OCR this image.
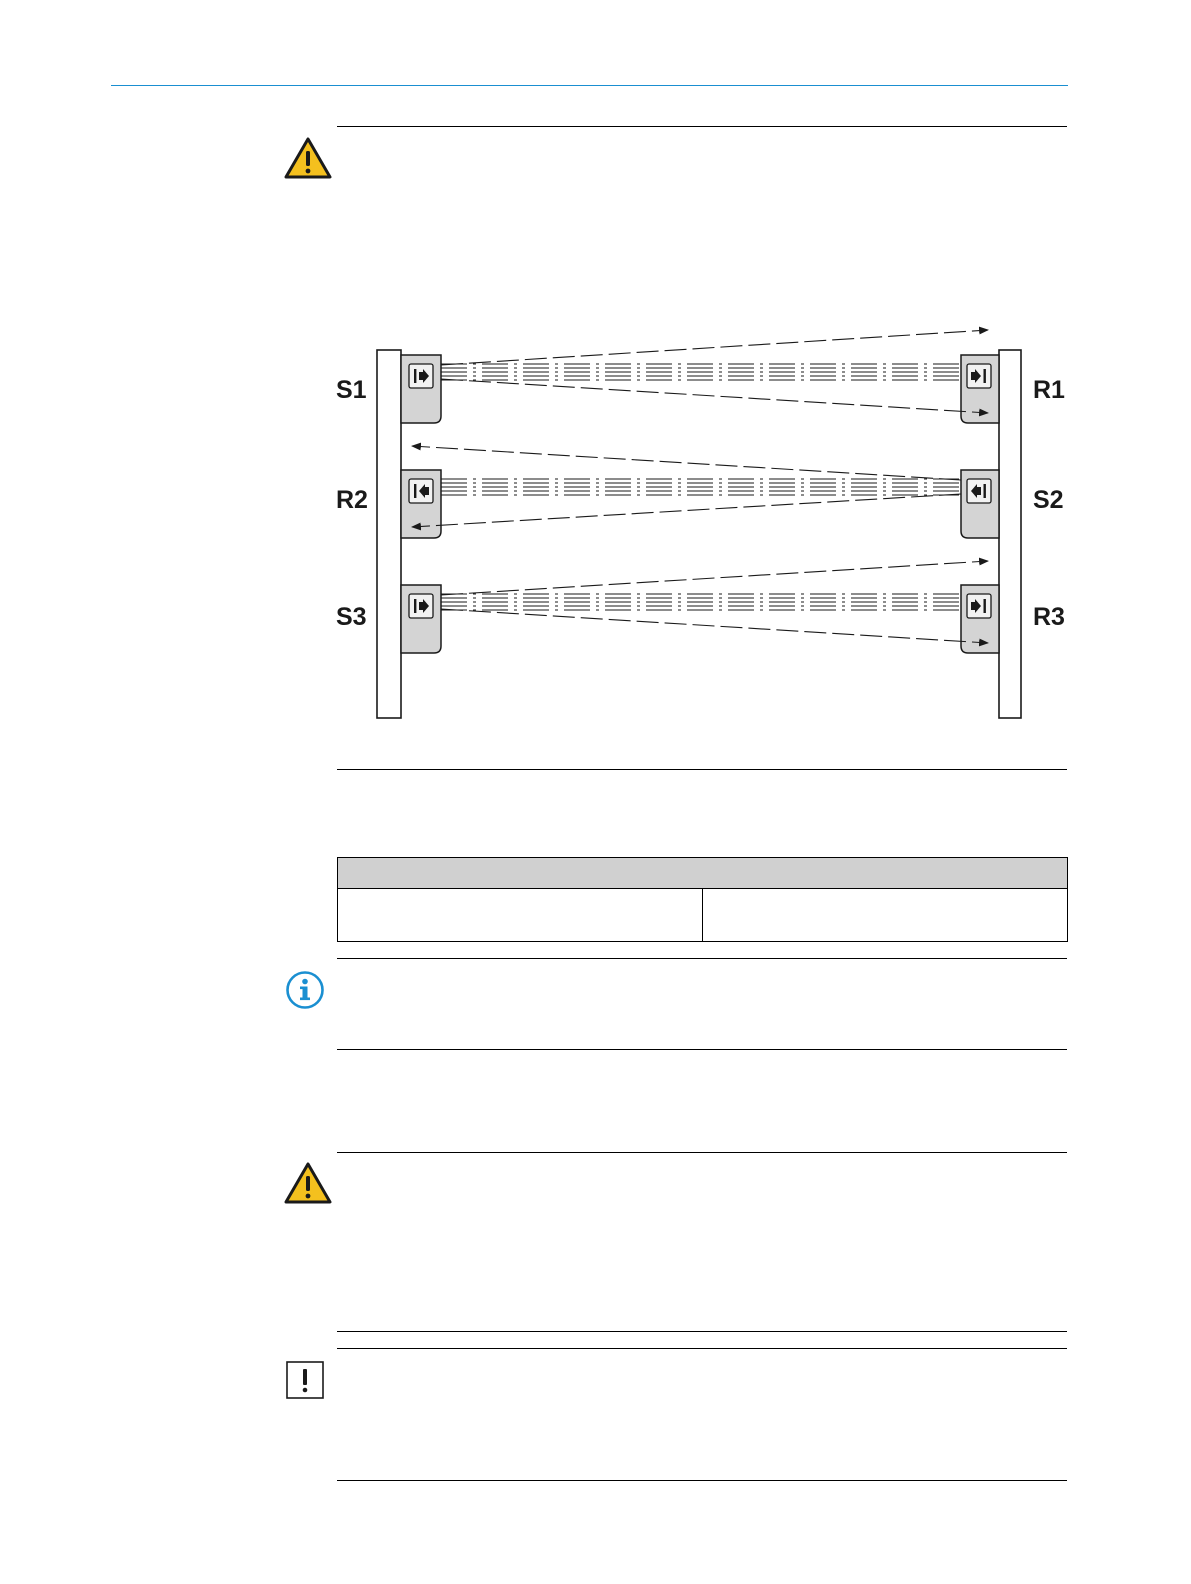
S1	R1
R2	S2
S3	R3
